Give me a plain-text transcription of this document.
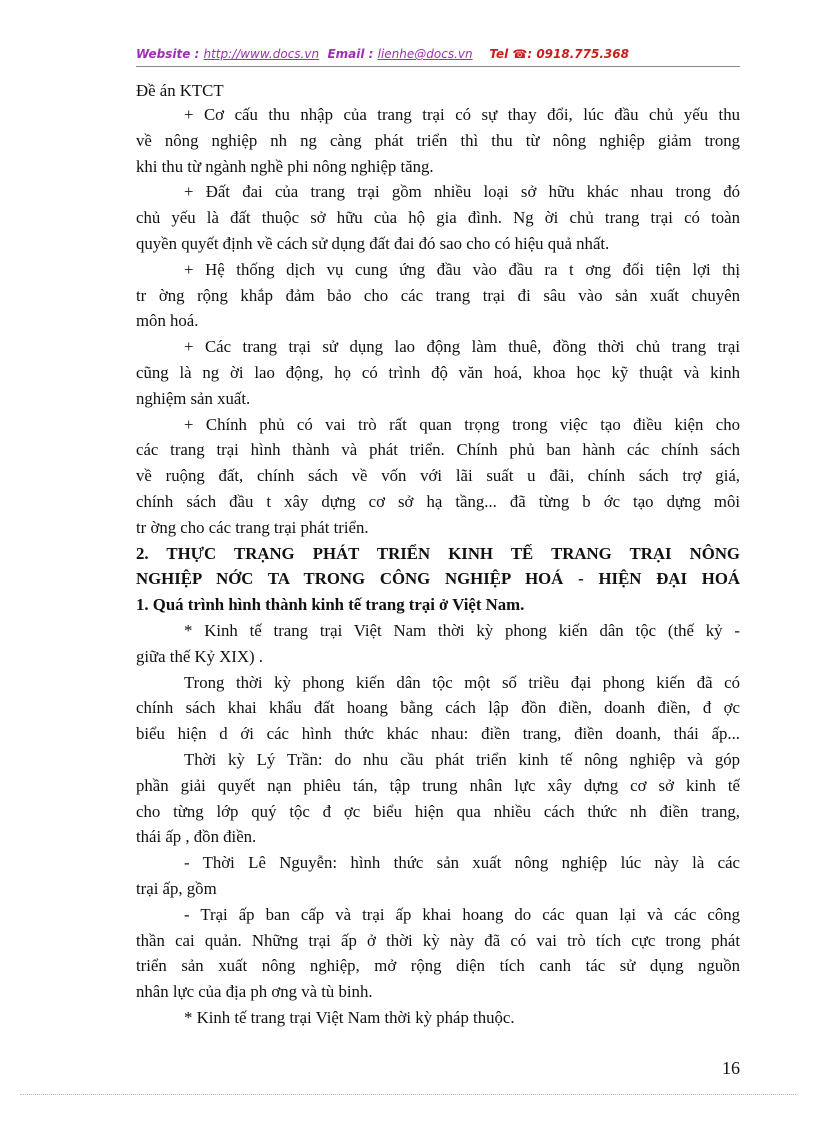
Website : http://www.docs.vn Email : lienhe@docs.vn Tel ☎: 0918.775.368
Đề án KTCT
+ Cơ cấu thu nhập của trang trại có sự thay đổi, lúc đầu chủ yếu thu
về nông nghiệp nh ng càng phát triển thì thu từ nông nghiệp giảm trong
khi thu từ ngành nghề phi nông nghiệp tăng.
+ Đất đai của trang trại gồm nhiều loại sở hữu khác nhau trong đó
chủ yếu là đất thuộc sở hữu của hộ gia đình. Ng ời chủ trang trại có toàn
quyền quyết định về cách sử dụng đất đai đó sao cho có hiệu quả nhất.
+ Hệ thống dịch vụ cung ứng đầu vào đầu ra t ơng đối tiện lợi thị
tr ờng rộng khắp đảm bảo cho các trang trại đi sâu vào sản xuất chuyên
môn hoá.
+ Các trang trại sử dụng lao động làm thuê, đồng thời chủ trang trại
cũng là ng ời lao động, họ có trình độ văn hoá, khoa học kỹ thuật và kinh
nghiệm sản xuất.
+ Chính phủ có vai trò rất quan trọng trong việc tạo điều kiện cho
các trang trại hình thành và phát triển. Chính phủ ban hành các chính sách
về ruộng đất, chính sách về vốn với lãi suất u đãi, chính sách trợ giá,
chính sách đầu t xây dựng cơ sở hạ tầng... đã từng b ớc tạo dựng môi
tr ờng cho các trang trại phát triển.
2. THỰC TRẠNG PHÁT TRIỂN KINH TẾ TRANG TRẠI NÔNG
NGHIỆP NỚC TA TRONG CÔNG NGHIỆP HOÁ - HIỆN ĐẠI HOÁ
1. Quá trình hình thành kinh tế trang trại ở Việt Nam.
* Kinh tế trang trại Việt Nam thời kỳ phong kiến dân tộc (thế kỷ -
giữa thế Kỷ XIX) .
Trong thời kỳ phong kiến dân tộc một số triều đại phong kiến đã có
chính sách khai khẩu đất hoang bằng cách lập đồn điền, doanh điền, đ ợc
biểu hiện d ới các hình thức khác nhau: điền trang, điền doanh, thái ấp...
Thời kỳ Lý Trần: do nhu cầu phát triển kinh tế nông nghiệp và góp
phần giải quyết nạn phiêu tán, tập trung nhân lực xây dựng cơ sở kinh tế
cho từng lớp quý tộc đ ợc biểu hiện qua nhiều cách thức nh điền trang,
thái ấp , đồn điền.
- Thời Lê Nguyễn: hình thức sản xuất nông nghiệp lúc này là các
trại ấp, gồm
- Trại ấp ban cấp và trại ấp khai hoang do các quan lại và các công
thần cai quản. Những trại ấp ở thời kỳ này đã có vai trò tích cực trong phát
triển sản xuất nông nghiệp, mở rộng diện tích canh tác sử dụng nguồn
nhân lực của địa ph ơng và tù binh.
* Kinh tế trang trại Việt Nam thời kỳ pháp thuộc.
16
